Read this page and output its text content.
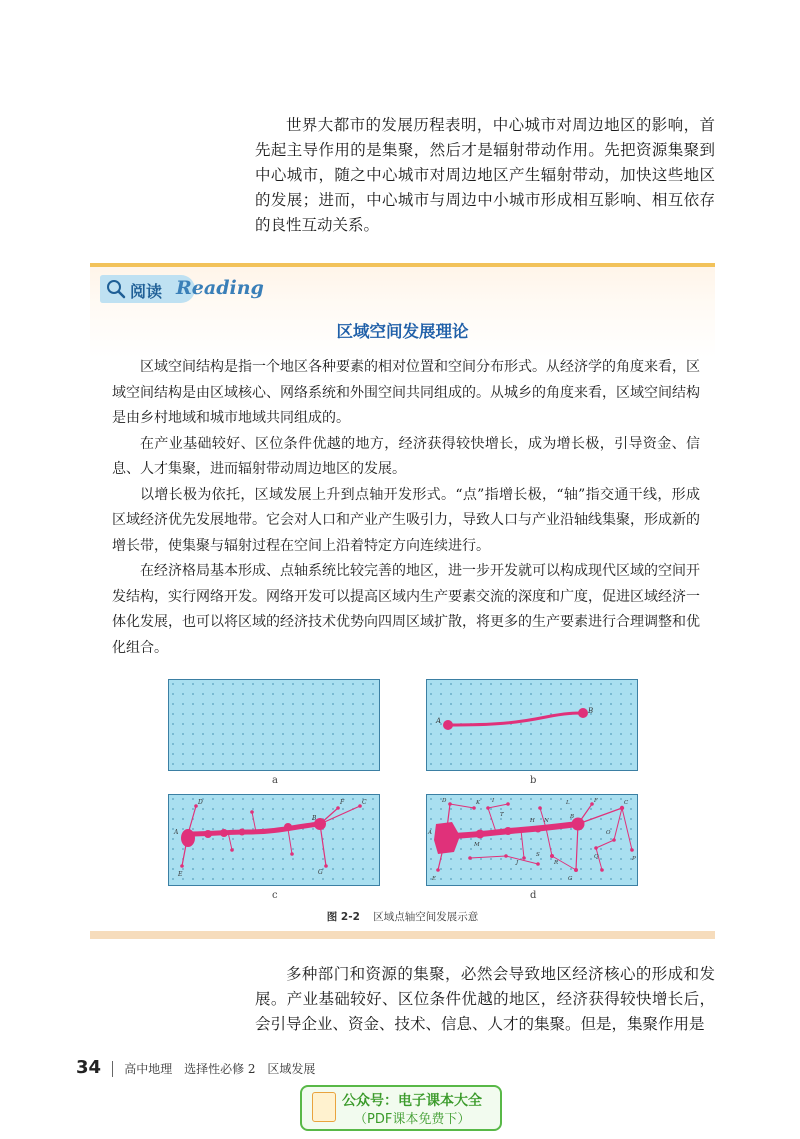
世界大都市的发展历程表明，中心城市对周边地区的影响，首先起主导作用的是集聚，然后才是辐射带动作用。先把资源集聚到中心城市，随之中心城市对周边地区产生辐射带动，加快这些地区的发展；进而，中心城市与周边中小城市形成相互影响、相互依存的良性互动关系。

阅读 Reading
区域空间发展理论

区域空间结构是指一个地区各种要素的相对位置和空间分布形式。从经济学的角度来看，区域空间结构是由区域核心、网络系统和外围空间共同组成的。从城乡的角度来看，区域空间结构是由乡村地域和城市地域共同组成的。

在产业基础较好、区位条件优越的地方，经济获得较快增长，成为增长极，引导资金、信息、人才集聚，进而辐射带动周边地区的发展。

以增长极为依托，区域发展上升到点轴开发形式。“点”指增长极，“轴”指交通干线，形成区域经济优先发展地带。它会对人口和产业产生吸引力，导致人口与产业沿轴线集聚，形成新的增长带，使集聚与辐射过程在空间上沿着特定方向连续进行。

在经济格局基本形成、点轴系统比较完善的地区，进一步开发就可以构成现代区域的空间开发结构，实行网络开发。网络开发可以提高区域内生产要素交流的深度和广度，促进区域经济一体化发展，也可以将区域的经济技术优势向四周区域扩散，将更多的生产要素进行合理调整和优化组合。

a
A
B
b
A
B
C
D
E
F
G
c
A
B
C
D
E
F
G
H
I
J
K	L
M
N
O
P
Q
R
S
T
d
图 2-2 区域点轴空间发展示意

多种部门和资源的集聚，必然会导致地区经济核心的形成和发展。产业基础较好、区位条件优越的地区，经济获得较快增长后，会引导企业、资金、技术、信息、人才的集聚。但是，集聚作用是

34 高中地理 选择性必修 2 区域发展
公众号：电子课本大全
（PDF课本免费下）
